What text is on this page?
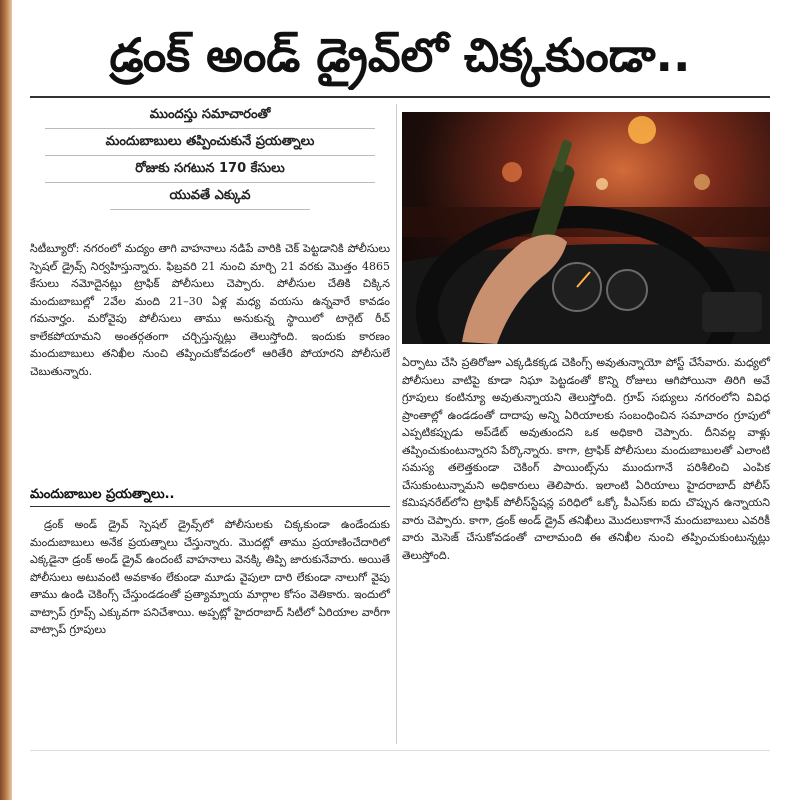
డ్రంక్ అండ్ డ్రైవ్‌లో చిక్కకుండా..
ముందస్తు సమాచారంతో
మందుబాబులు తప్పించుకునే ప్రయత్నాలు
రోజుకు సగటున 170 కేసులు
యువతే ఎక్కువ

సిటీబ్యూరో: నగరంలో మద్యం తాగి వాహనాలు నడిపే వారికి చెక్ పెట్టడానికి పోలీసులు స్పెషల్ డ్రైవ్స్ నిర్వహిస్తున్నారు. ఫిబ్రవరి 21 నుంచి మార్చి 21 వరకు మొత్తం 4865 కేసులు నమోదైనట్లు ట్రాఫిక్ పోలీసులు చెప్పారు. పోలీసుల చేతికి చిక్కిన మందుబాబుల్లో 2వేల మంది 21–30 ఏళ్ల మధ్య వయసు ఉన్నవారే కావడం గమనార్హం. మరోవైపు పోలీసులు తాము అనుకున్న స్థాయిలో టార్గెట్ రీచ్ కాలేకపోయామని అంతర్గతంగా చర్చిస్తున్నట్లు తెలుస్తోంది. ఇందుకు కారణం మందుబాబులు తనిఖీల నుంచి తప్పించుకోవడంలో ఆరితేరి పోయారని పోలీసులే చెబుతున్నారు.

మందుబాబుల ప్రయత్నాలు..

డ్రంక్ అండ్ డ్రైవ్ స్పెషల్ డ్రైవ్స్‌లో పోలీసులకు చిక్కకుండా ఉండేందుకు మందుబాబులు అనేక ప్రయత్నాలు చేస్తున్నారు. మొదట్లో తాము ప్రయాణించేదారిలో ఎక్కడైనా డ్రంక్ అండ్ డ్రైవ్ ఉందంటే వాహనాలు వెనక్కి తిప్పి జారుకునేవారు. అయితే పోలీసులు అటువంటి అవకాశం లేకుండా మూడు వైపులా దారి లేకుండా నాలుగో వైపు తాము ఉండి చెకింగ్స్ చేస్తుండడంతో ప్రత్యామ్నాయ మార్గాల కోసం వెతికారు. ఇందులో వాట్సాప్ గ్రూప్స్ ఎక్కువగా పనిచేశాయి. అప్పట్లో హైదరాబాద్ సిటీలో ఏరియాల వారీగా వాట్సాప్ గ్రూపులు

ఏర్పాటు చేసి ప్రతిరోజూ ఎక్కడికక్కడ చెకింగ్స్ అవుతున్నాయో పోస్ట్ చేసేవారు. మధ్యలో పోలీసులు వాటిపై కూడా నిఘా పెట్టడంతో కొన్ని రోజులు ఆగిపోయినా తిరిగి అవే గ్రూపులు కంటిన్యూ అవుతున్నాయని తెలుస్తోంది. గ్రూప్ సభ్యులు నగరంలోని వివిధ ప్రాంతాల్లో ఉండడంతో దాదాపు అన్ని ఏరియాలకు సంబంధించిన సమాచారం గ్రూపులో ఎప్పటికప్పుడు అప్‌డేట్ అవుతుందని ఒక అధికారి చెప్పారు. దీనివల్ల వాళ్లు తప్పించుకుంటున్నారని పేర్కొన్నారు. కాగా, ట్రాఫిక్ పోలీసులు మందుబాబులతో ఎలాంటి సమస్య తలెత్తకుండా చెకింగ్ పాయింట్స్‌ను ముందుగానే పరిశీలించి ఎంపిక చేసుకుంటున్నామని అధికారులు తెలిపారు. ఇలాంటి ఏరియాలు హైదరాబాద్ పోలీస్ కమిషనరేట్‌లోని ట్రాఫిక్ పోలీస్‌స్టేషన్ల పరిధిలో ఒక్కో పీఎస్‌కు ఐదు చొప్పున ఉన్నాయని వారు చెప్పారు. కాగా, డ్రంక్ అండ్ డ్రైవ్ తనిఖీలు మొదలుకాగానే మందుబాబులు ఎవరికీ వారు మెసెజ్ చేసుకోవడంతో చాలామంది ఈ తనిఖీల నుంచి తప్పించుకుంటున్నట్లు తెలుస్తోంది.
